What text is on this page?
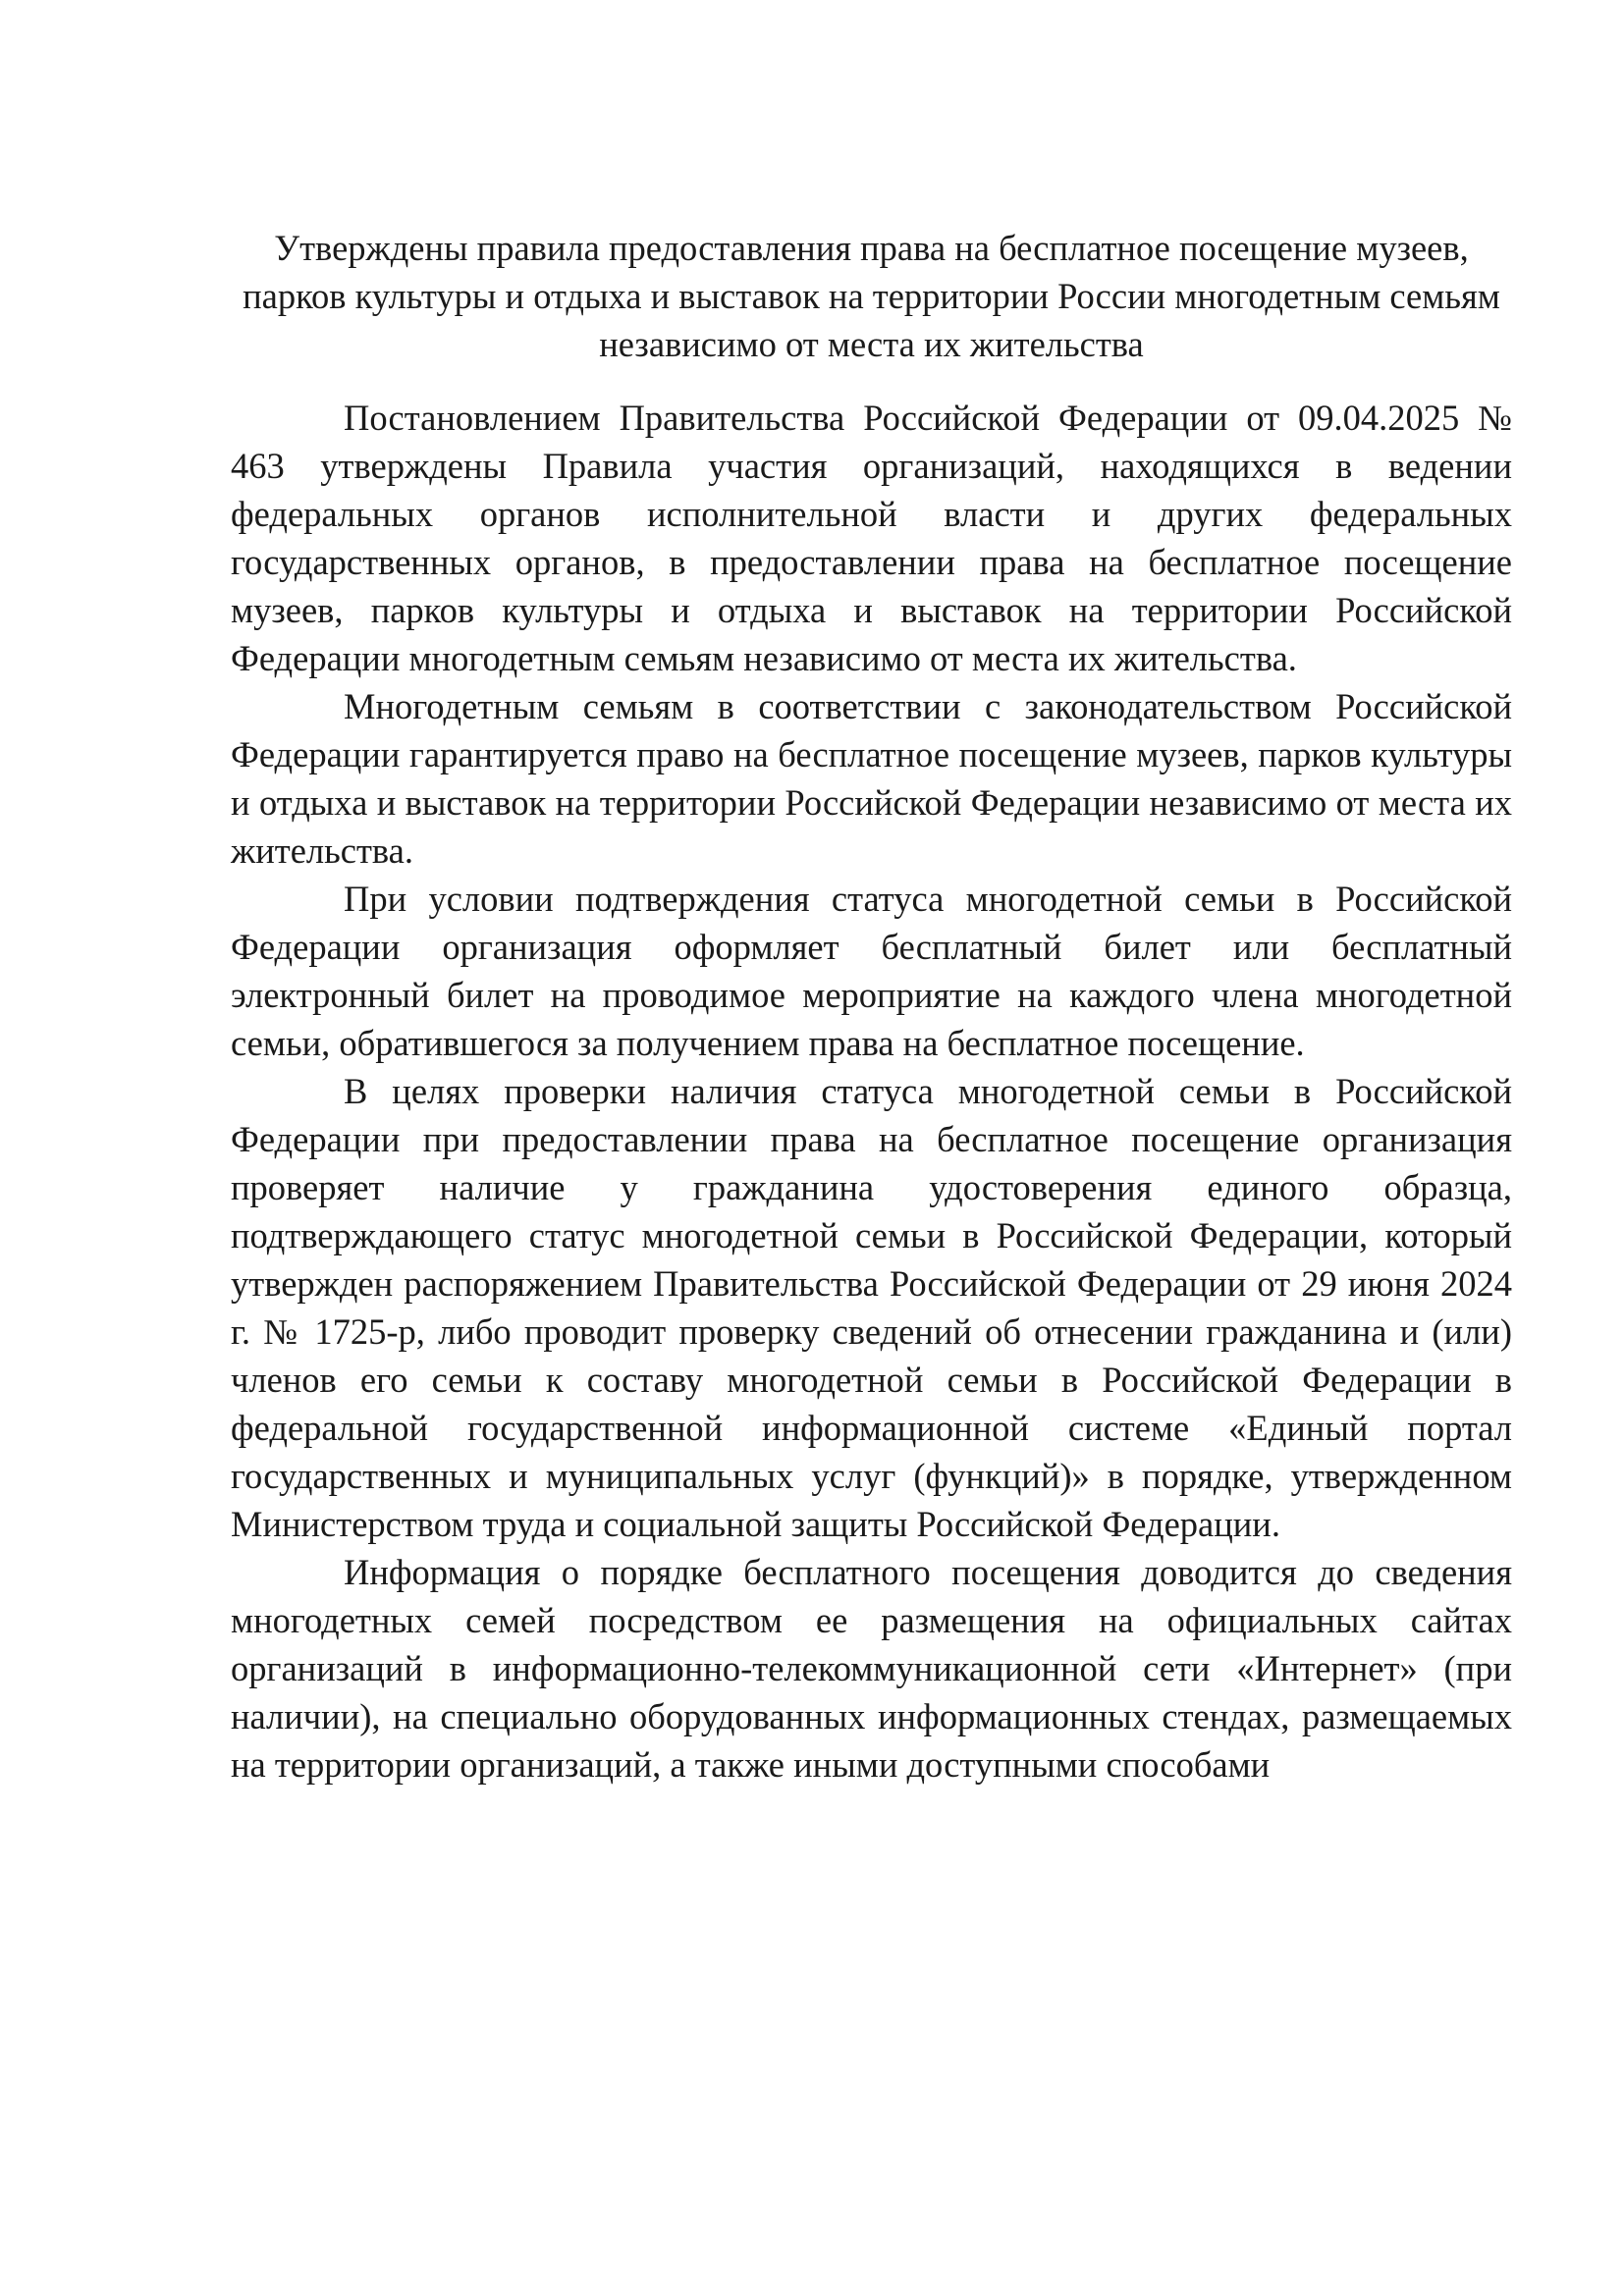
Утверждены правила предоставления права на бесплатное посещение музеев, парков культуры и отдыха и выставок на территории России многодетным семьям независимо от места их жительства

Постановлением Правительства Российской Федерации от 09.04.2025 № 463 утверждены Правила участия организаций, находящихся в ведении федеральных органов исполнительной власти и других федеральных государственных органов, в предоставлении права на бесплатное посещение музеев, парков культуры и отдыха и выставок на территории Российской Федерации многодетным семьям независимо от места их жительства.

Многодетным семьям в соответствии с законодательством Российской Федерации гарантируется право на бесплатное посещение музеев, парков культуры и отдыха и выставок на территории Российской Федерации независимо от места их жительства.

При условии подтверждения статуса многодетной семьи в Российской Федерации организация оформляет бесплатный билет или бесплатный электронный билет на проводимое мероприятие на каждого члена многодетной семьи, обратившегося за получением права на бесплатное посещение.

В целях проверки наличия статуса многодетной семьи в Российской Федерации при предоставлении права на бесплатное посещение организация проверяет наличие у гражданина удостоверения единого образца, подтверждающего статус многодетной семьи в Российской Федерации, который утвержден распоряжением Правительства Российской Федерации от 29 июня 2024 г. № 1725-р, либо проводит проверку сведений об отнесении гражданина и (или) членов его семьи к составу многодетной семьи в Российской Федерации в федеральной государственной информационной системе «Единый портал государственных и муниципальных услуг (функций)» в порядке, утвержденном Министерством труда и социальной защиты Российской Федерации.

Информация о порядке бесплатного посещения доводится до сведения многодетных семей посредством ее размещения на официальных сайтах организаций в информационно-телекоммуникационной сети «Интернет» (при наличии), на специально оборудованных информационных стендах, размещаемых на территории организаций, а также иными доступными способами
